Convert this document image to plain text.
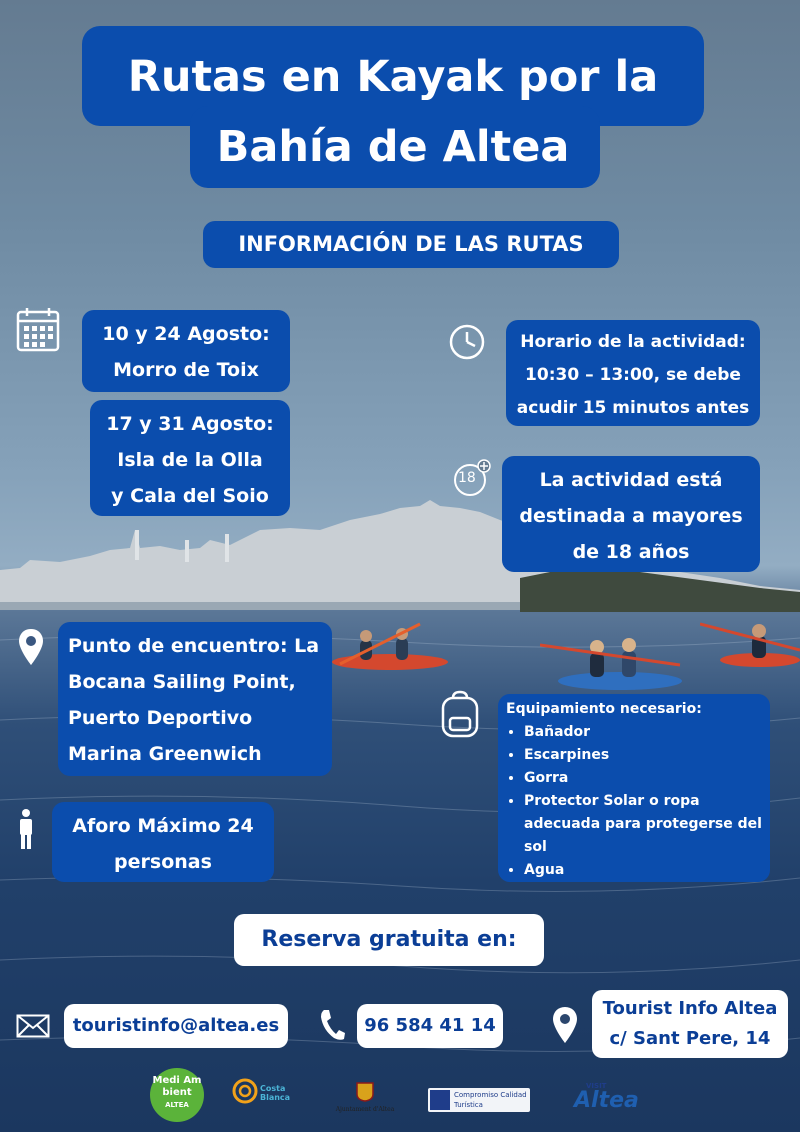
Rutas en Kayak por la
Bahía de Altea
INFORMACIÓN DE LAS RUTAS
10 y 24 Agosto:
Morro de Toix
17 y 31 Agosto:
Isla de la Olla
y Cala del Soio
Horario de la actividad:
10:30 – 13:00, se debe
acudir 15 minutos antes
18	La actividad está
destinada a mayores
de 18 años
Punto de encuentro: La
Bocana Sailing Point,
Puerto Deportivo
Marina Greenwich
Aforo Máximo 24
personas
Equipamiento necesario:
• Bañador
• Escarpines
• Gorra
• Protector Solar o ropa adecuada para protegerse del sol
• Agua
Reserva gratuita en:
touristinfo@altea.es	96 584 41 14
Tourist Info Altea
c/ Sant Pere, 14
Medi Am bient
ALTEA
Costa Blanca
Ajuntament d'Altea
Compromiso Calidad Turística
VISIT
Altea
